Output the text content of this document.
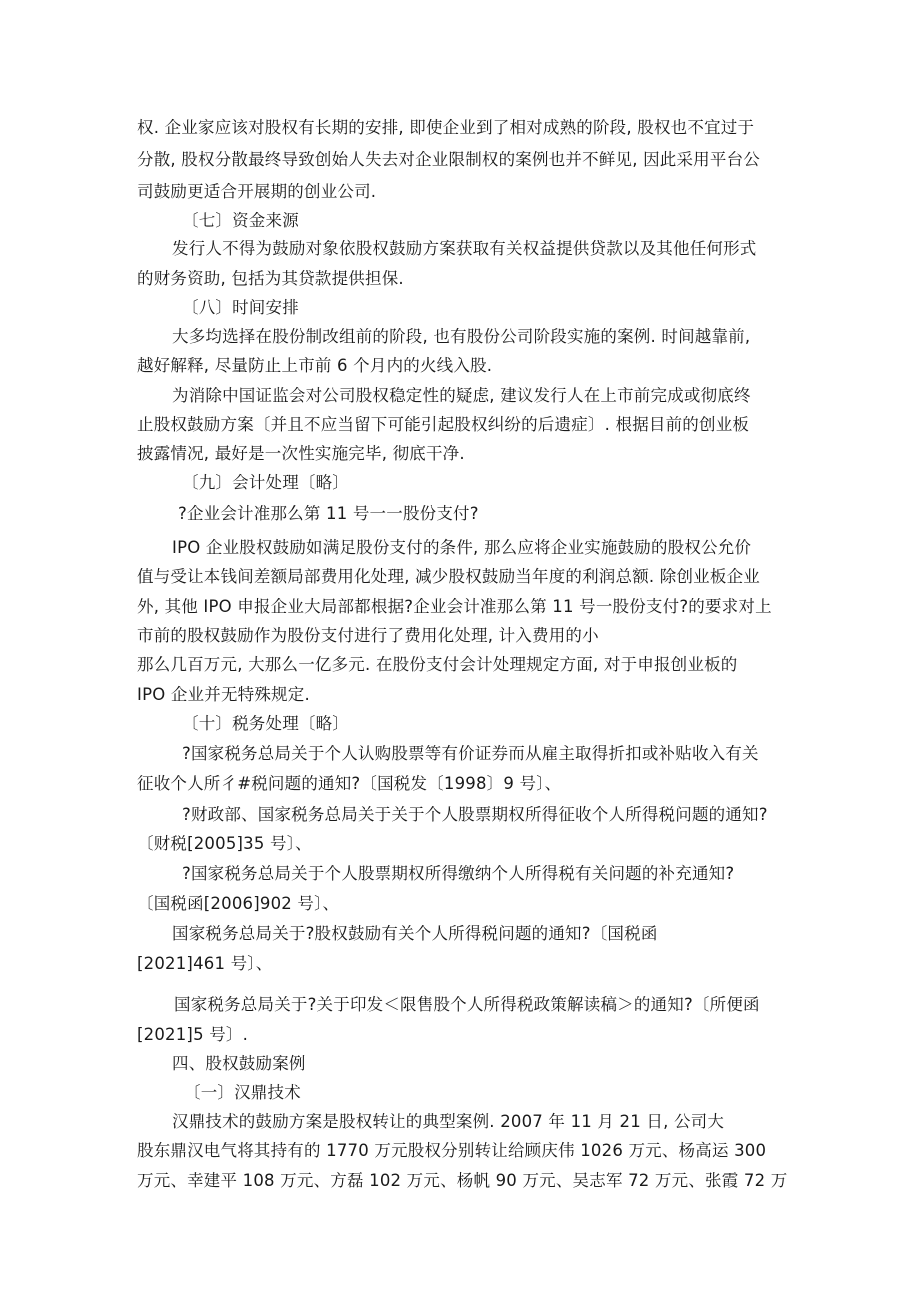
权. 企业家应该对股权有长期的安排, 即使企业到了相对成熟的阶段, 股权也不宜过于
分散, 股权分散最终导致创始人失去对企业限制权的案例也并不鲜见, 因此采用平台公
司鼓励更适合开展期的创业公司.
〔七〕资金来源
发行人不得为鼓励对象依股权鼓励方案获取有关权益提供贷款以及其他任何形式
的财务资助, 包括为其贷款提供担保.
〔八〕时间安排
大多均选择在股份制改组前的阶段, 也有股份公司阶段实施的案例. 时间越靠前,
越好解释, 尽量防止上市前 6 个月内的火线入股.
为消除中国证监会对公司股权稳定性的疑虑, 建议发行人在上市前完成或彻底终
止股权鼓励方案〔并且不应当留下可能引起股权纠纷的后遗症〕. 根据目前的创业板
披露情况, 最好是一次性实施完毕, 彻底干净.
〔九〕会计处理〔略〕
?企业会计准那么第 11 号一一股份支付?
IPO 企业股权鼓励如满足股份支付的条件, 那么应将企业实施鼓励的股权公允价
值与受让本钱间差额局部费用化处理, 减少股权鼓励当年度的利润总额. 除创业板企业
外, 其他 IPO 申报企业大局部都根据?企业会计准那么第 11 号一股份支付?的要求对上
市前的股权鼓励作为股份支付进行了费用化处理, 计入费用的小
那么几百万元, 大那么一亿多元. 在股份支付会计处理规定方面, 对于申报创业板的
IPO 企业并无特殊规定.
〔十〕税务处理〔略〕
?国家税务总局关于个人认购股票等有价证券而从雇主取得折扣或补贴收入有关
征收个人所彳#税问题的通知?〔国税发〔1998〕9 号〕、
?财政部、国家税务总局关于关于个人股票期权所得征收个人所得税问题的通知?
〔财税[2005]35 号〕、
?国家税务总局关于个人股票期权所得缴纳个人所得税有关问题的补充通知?
〔国税函[2006]902 号〕、
国家税务总局关于?股权鼓励有关个人所得税问题的通知?〔国税函
[2021]461 号〕、
国家税务总局关于?关于印发＜限售股个人所得税政策解读稿＞的通知?〔所便函
[2021]5 号〕.
四、股权鼓励案例
〔一〕汉鼎技术
汉鼎技术的鼓励方案是股权转让的典型案例. 2007 年 11 月 21 日, 公司大
股东鼎汉电气将其持有的 1770 万元股权分别转让给顾庆伟 1026 万元、杨高运 300
万元、幸建平 108 万元、方磊 102 万元、杨帆 90 万元、吴志军 72 万元、张霞 72 万
